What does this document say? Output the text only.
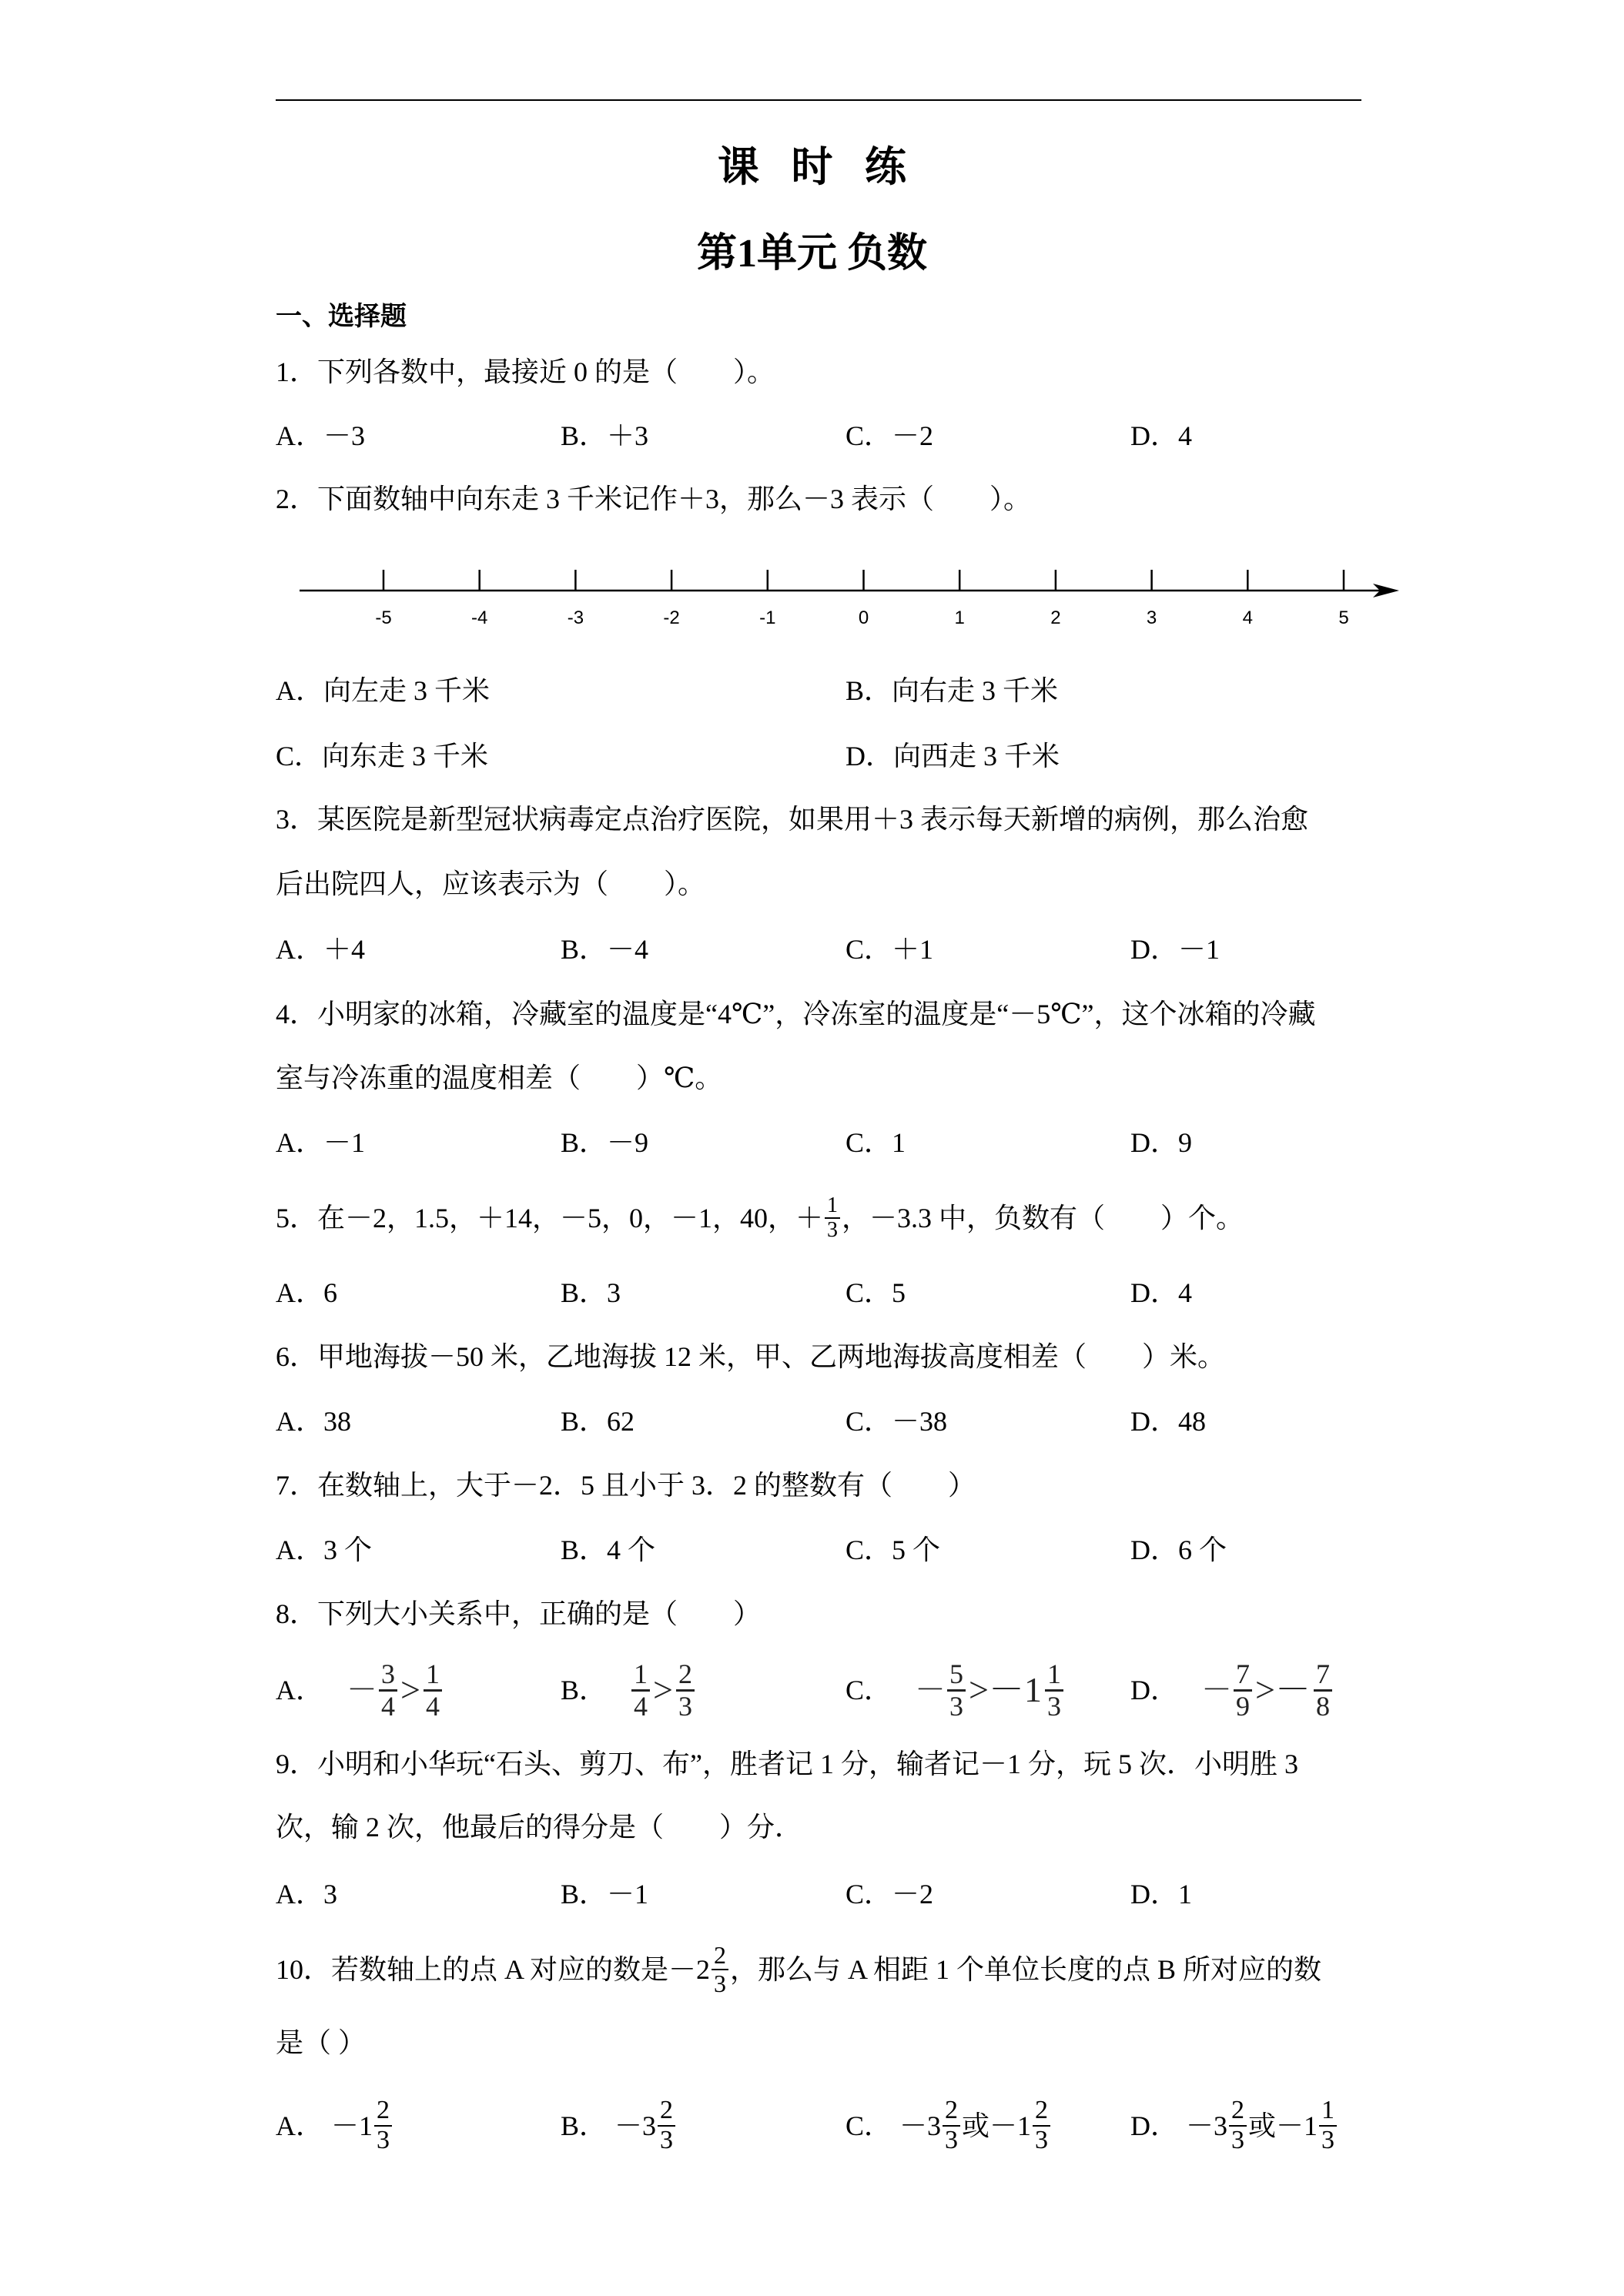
课 时 练
第1单元 负数
一、选择题
1．下列各数中，最接近 0 的是（　　）。
A．－3	B．＋3	C．－2	D．4
2．下面数轴中向东走 3 千米记作＋3，那么－3 表示（　　）。
-5	-4	-3	-2	-1	0	1	2	3	4	5
A．向左走 3 千米	B．向右走 3 千米
C．向东走 3 千米	D．向西走 3 千米
3．某医院是新型冠状病毒定点治疗医院，如果用＋3 表示每天新增的病例，那么治愈
后出院四人，应该表示为（　　）。
A．＋4	B．－4	C．＋1	D．－1
4．小明家的冰箱，冷藏室的温度是“4℃”，冷冻室的温度是“－5℃”，这个冰箱的冷藏
室与冷冻重的温度相差（　　）℃。
A．－1	B．－9	C．1	D．9
5．在－2，1.5，＋14，－5，0，－1，40，＋ $\frac{1}{3}$ ，－3.3 中，负数有（　　）个。
A．6	B．3	C．5	D．4
6．甲地海拔－50 米，乙地海拔 12 米，甲、乙两地海拔高度相差（　　）米。
A．38	B．62	C．－38	D．48
7．在数轴上，大于－2．5 且小于 3．2 的整数有（　　）
A．3 个	B．4 个	C．5 个	D．6 个
8．下列大小关系中，正确的是（　　）
A． － $\frac{3}{4} > \frac{1}{4}$	B． $\frac{1}{4} > \frac{2}{3}$	C． － $\frac{5}{3} >-1 \frac{1}{3}$ D． － $\frac{7}{9} >- \frac{7}{8}$
9．小明和小华玩“石头、剪刀、布”，胜者记 1 分，输者记－1 分，玩 5 次．小明胜 3
次，输 2 次，他最后的得分是（　　）分．
A．3	B．－1	C．－2	D．1
10．若数轴上的点 A 对应的数是$-2 \frac{2}{3}$ ，那么与 A 相距 1 个单位长度的点 B 所对应的数
是（ ）
A． $-1 \frac{2}{3}$	B． $-3 \frac{2}{3}$	C． $-3 \frac{2}{3}$ 或$-1 \frac{2}{3}$	D． $-3 \frac{2}{3}$ 或$-1 \frac{1}{3}$
